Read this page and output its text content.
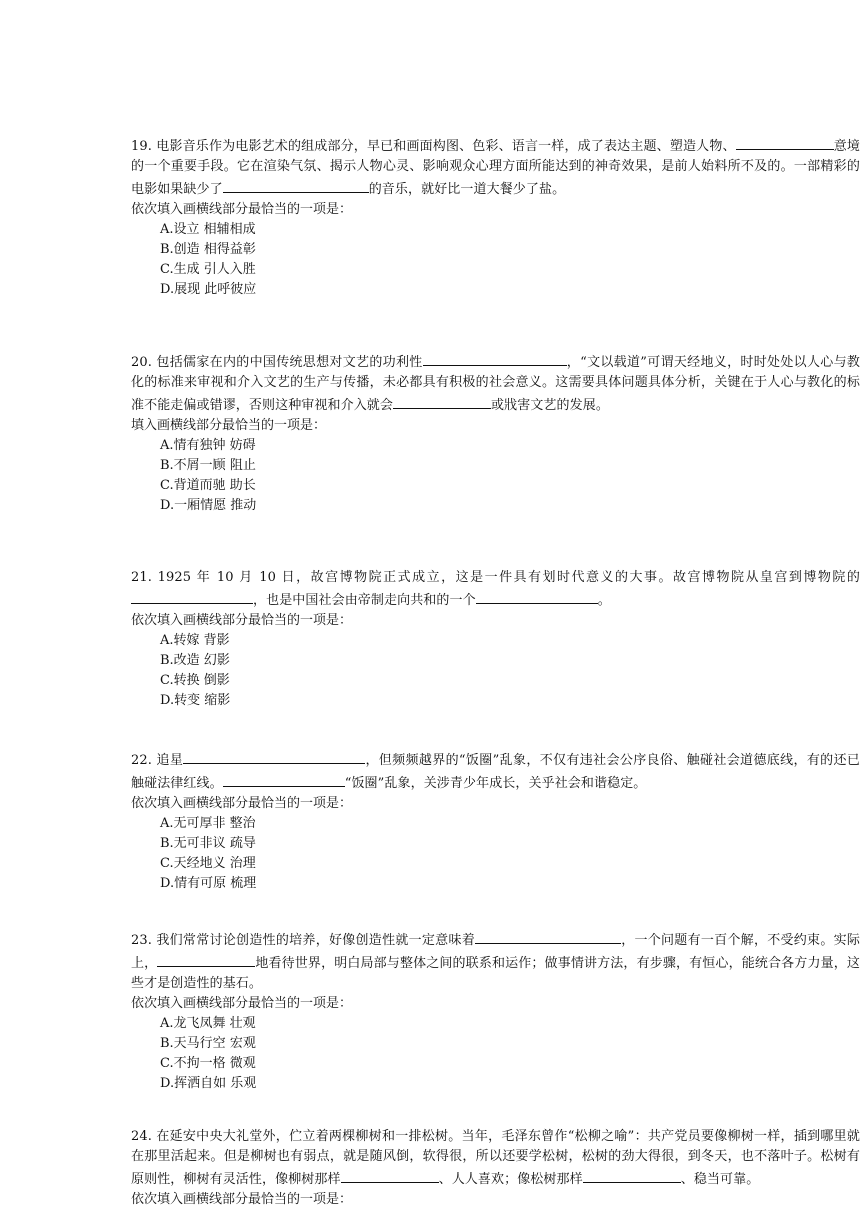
19. 电影音乐作为电影艺术的组成部分，早已和画面构图、色彩、语言一样，成了表达主题、塑造人物、	意境的一个重要手段。它在渲染气氛、揭示人物心灵、影响观众心理方面所能达到的神奇效果，是前人始料所不及的。一部精彩的电影如果缺少了	的音乐，就好比一道大餐少了盐。

依次填入画横线部分最恰当的一项是：

A.设立 相辅相成
B.创造 相得益彰
C.生成 引人入胜
D.展现 此呼彼应

20. 包括儒家在内的中国传统思想对文艺的功利性	，“文以载道”可谓天经地义，时时处处以人心与教化的标准来审视和介入文艺的生产与传播，未必都具有积极的社会意义。这需要具体问题具体分析，关键在于人心与教化的标准不能走偏或错谬，否则这种审视和介入就会	或戕害文艺的发展。

填入画横线部分最恰当的一项是：

A.情有独钟 妨碍
B.不屑一顾 阻止
C.背道而驰 助长
D.一厢情愿 推动

21. 1925 年 10 月 10 日，故宫博物院正式成立，这是一件具有划时代意义的大事。故宫博物院从皇宫到博物院的，也是中国社会由帝制走向共和的一个	。

依次填入画横线部分最恰当的一项是：

A.转嫁 背影
B.改造 幻影
C.转换 倒影
D.转变 缩影

22. 追星	，但频频越界的“饭圈”乱象，不仅有违社会公序良俗、触碰社会道德底线，有的还已触碰法律红线。	“饭圈”乱象，关涉青少年成长，关乎社会和谐稳定。

依次填入画横线部分最恰当的一项是：

A.无可厚非 整治
B.无可非议 疏导
C.天经地义 治理
D.情有可原 梳理

23. 我们常常讨论创造性的培养，好像创造性就一定意味着	，一个问题有一百个解，不受约束。实际上，	地看待世界，明白局部与整体之间的联系和运作；做事情讲方法，有步骤，有恒心，能统合各方力量，这些才是创造性的基石。

依次填入画横线部分最恰当的一项是：

A.龙飞凤舞 壮观
B.天马行空 宏观
C.不拘一格 微观
D.挥洒自如 乐观

24. 在延安中央大礼堂外，伫立着两棵柳树和一排松树。当年，毛泽东曾作“松柳之喻”：共产党员要像柳树一样，插到哪里就在那里活起来。但是柳树也有弱点，就是随风倒，软得很，所以还要学松树，松树的劲大得很，到冬天，也不落叶子。松树有原则性，柳树有灵活性，像柳树那样	、人人喜欢；像松树那样	、稳当可靠。

依次填入画横线部分最恰当的一项是：
